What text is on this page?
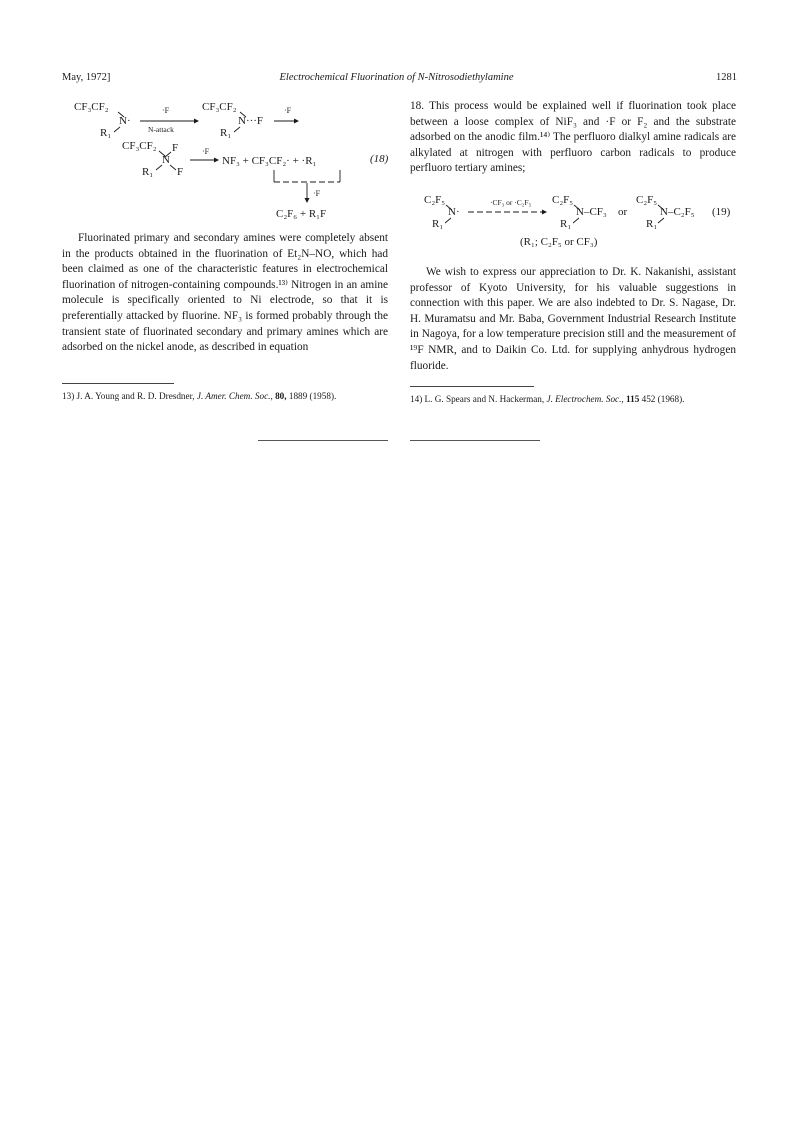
May, 1972]	Electrochemical Fluorination of N-Nitrosodiethylamine	1281
CF₃CF₂
N·
R₁
·F
N-attack
CF₃CF₂
N···F
R₁
·F
CF₃CF₂ F
N
R₁ F
·F
NF₃ + CF₃CF₂· + ·R₁	(18)
·F
C₂F₆ + R₁F

Fluorinated primary and secondary amines were completely absent in the products obtained in the fluorination of Et₂N–NO, which had been claimed as one of the characteristic features in electrochemical fluorination of nitrogen-containing compounds.¹³⁾ Nitrogen in an amine molecule is specifically oriented to Ni electrode, so that it is preferentially attacked by fluorine. NF₃ is formed probably through the transient state of fluorinated secondary and primary amines which are adsorbed on the nickel anode, as described in equation

13) J. A. Young and R. D. Dresdner, J. Amer. Chem. Soc., 80, 1889 (1958).

18. This process would be explained well if fluorination took place between a loose complex of NiF₃ and ·F or F₂ and the substrate adsorbed on the anodic film.¹⁴⁾ The perfluoro dialkyl amine radicals are alkylated at nitrogen with perfluoro carbon radicals to produce perfluoro tertiary amines;

C₂F₅
N·
R₁
·CF₃ or ·C₂F₅ C₂F₅
N–CF₃
R₁
or
C₂F₅
N–C₂F₅
R₁
(19)
(R₁; C₂F₅ or CF₃)

We wish to express our appreciation to Dr. K. Nakanishi, assistant professor of Kyoto University, for his valuable suggestions in connection with this paper. We are also indebted to Dr. S. Nagase, Dr. H. Muramatsu and Mr. Baba, Government Industrial Research Institute in Nagoya, for a low temperature precision still and the measurement of ¹⁹F NMR, and to Daikin Co. Ltd. for supplying anhydrous hydrogen fluoride.

14) L. G. Spears and N. Hackerman, J. Electrochem. Soc., 115 452 (1968).
